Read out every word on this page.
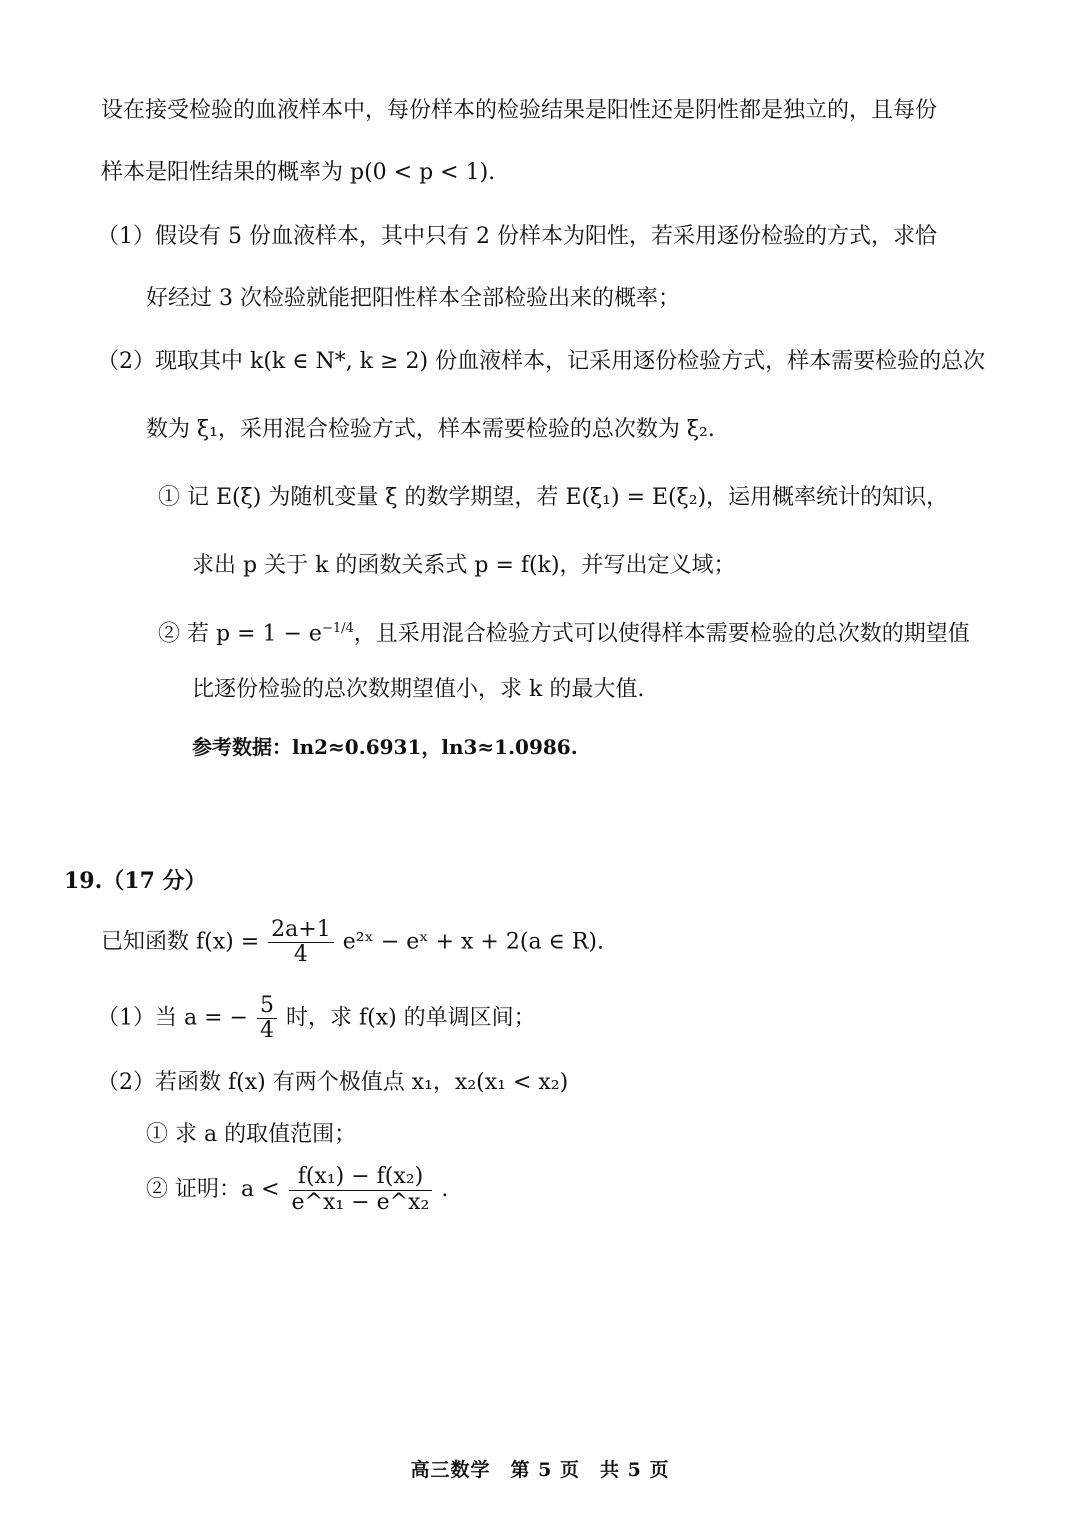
设在接受检验的血液样本中，每份样本的检验结果是阳性还是阴性都是独立的，且每份
样本是阳性结果的概率为 p(0 < p < 1).
（1）假设有 5 份血液样本，其中只有 2 份样本为阳性，若采用逐份检验的方式，求恰
好经过 3 次检验就能把阳性样本全部检验出来的概率；
（2）现取其中 k(k ∈ N*, k ≥ 2) 份血液样本，记采用逐份检验方式，样本需要检验的总次
数为 ξ₁，采用混合检验方式，样本需要检验的总次数为 ξ₂.
① 记 E(ξ) 为随机变量 ξ 的数学期望，若 E(ξ₁) = E(ξ₂)，运用概率统计的知识，
求出 p 关于 k 的函数关系式 p = f(k)，并写出定义域；
② 若 $p = 1 - e^{-1/4}$，且采用混合检验方式可以使得样本需要检验的总次数的期望值
比逐份检验的总次数期望值小，求 k 的最大值.
参考数据：ln2≈0.6931，ln3≈1.0986.
19.（17 分）
已知函数 $f(x) = \frac{2a+1}{4}$ e²ˣ − eˣ + x + 2(a ∈ R).
（1）当 a = − $\frac{5}{4}$ 时，求 f(x) 的单调区间；
（2）若函数 f(x) 有两个极值点 x₁，x₂(x₁ < x₂)
① 求 a 的取值范围；
② 证明：$a < \frac{\text{f(x₁) − f(x₂)}}{\text{e\textasciicircum{}x₁ − e\textasciicircum{}x₂}}$ .
高三数学　第 5 页　共 5 页
